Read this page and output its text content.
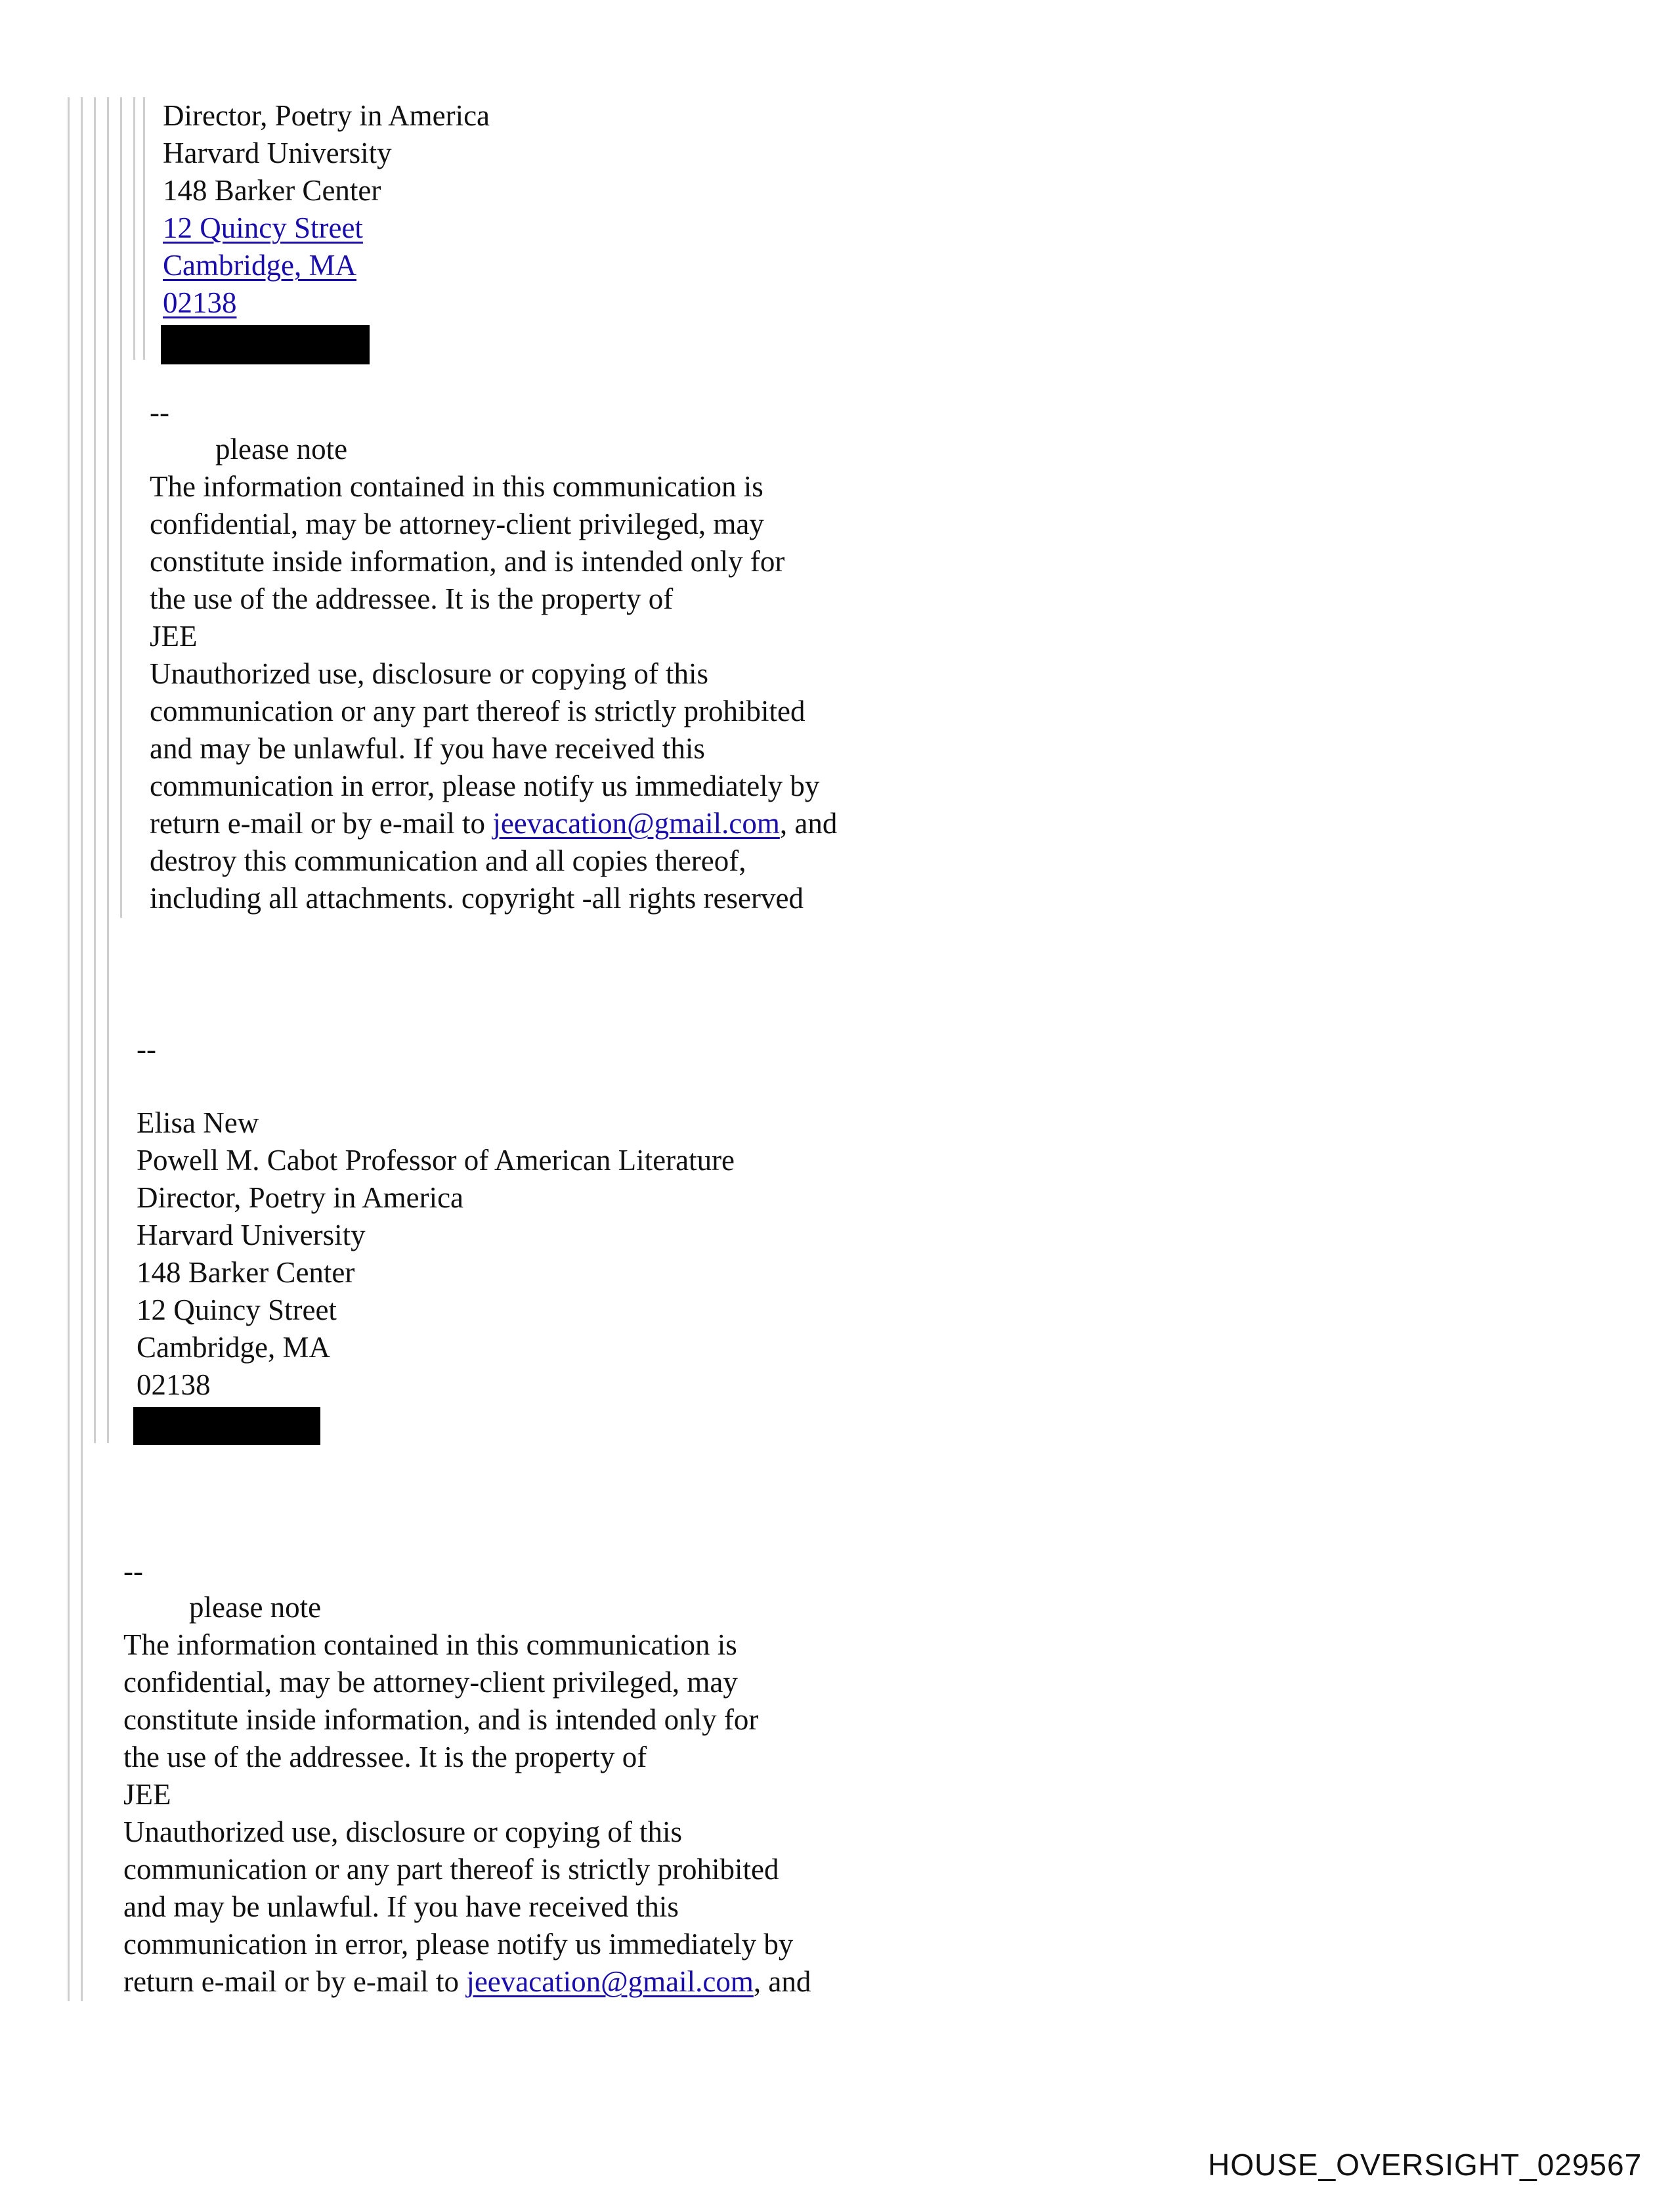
Director, Poetry in America
Harvard University
148 Barker Center
12 Quincy Street
Cambridge, MA
02138
--
please note
The information contained in this communication is
confidential, may be attorney-client privileged, may
constitute inside information, and is intended only for
the use of the addressee. It is the property of
JEE
Unauthorized use, disclosure or copying of this
communication or any part thereof is strictly prohibited
and may be unlawful. If you have received this
communication in error, please notify us immediately by
return e-mail or by e-mail to jeevacation@gmail.com, and
destroy this communication and all copies thereof,
including all attachments. copyright -all rights reserved
--
Elisa New
Powell M. Cabot Professor of American Literature
Director, Poetry in America
Harvard University
148 Barker Center
12 Quincy Street
Cambridge, MA
02138
--
please note
The information contained in this communication is
confidential, may be attorney-client privileged, may
constitute inside information, and is intended only for
the use of the addressee. It is the property of
JEE
Unauthorized use, disclosure or copying of this
communication or any part thereof is strictly prohibited
and may be unlawful. If you have received this
communication in error, please notify us immediately by
return e-mail or by e-mail to jeevacation@gmail.com, and
HOUSE_OVERSIGHT_029567
